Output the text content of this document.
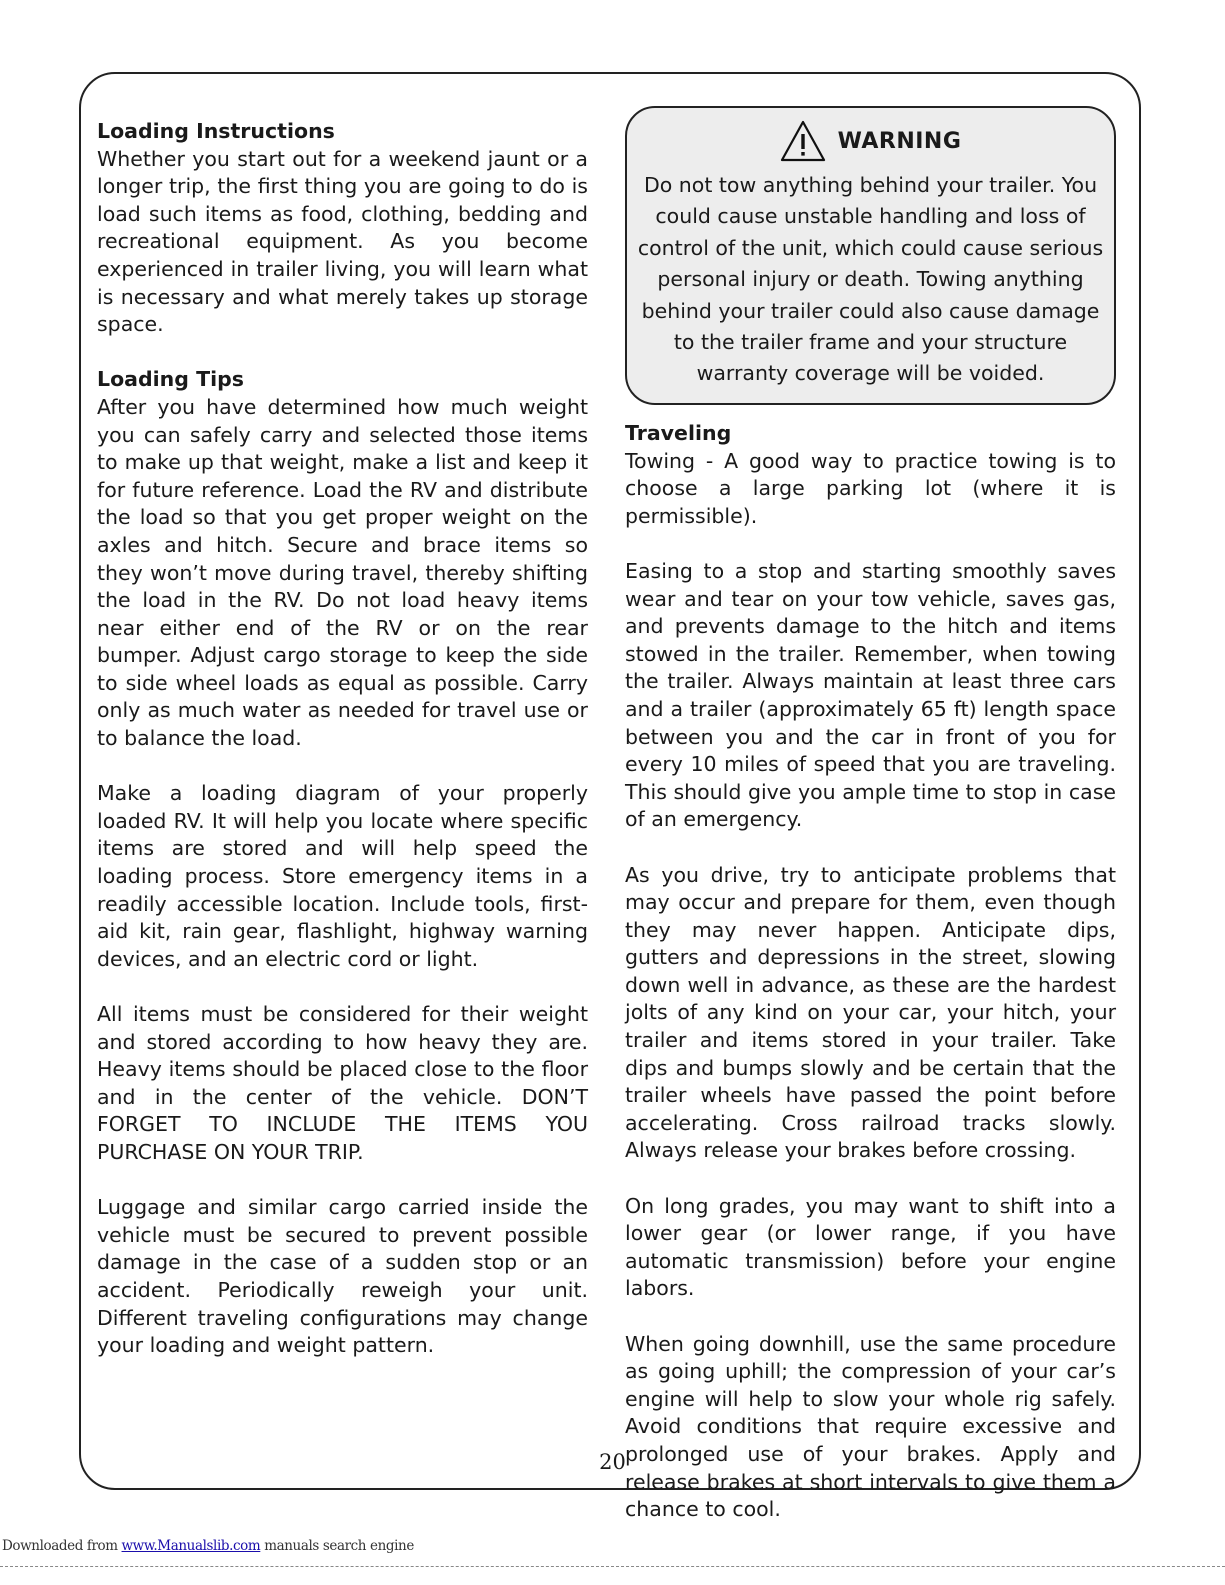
Loading Instructions

Whether you start out for a weekend jaunt or a longer trip, the first thing you are going to do is load such items as food, clothing, bedding and recreational equipment. As you become experienced in trailer living, you will learn what is necessary and what merely takes up storage space.

Loading Tips

After you have determined how much weight you can safely carry and selected those items to make up that weight, make a list and keep it for future reference. Load the RV and distribute the load so that you get proper weight on the axles and hitch. Secure and brace items so they won’t move during travel, thereby shifting the load in the RV. Do not load heavy items near either end of the RV or on the rear bumper. Adjust cargo storage to keep the side to side wheel loads as equal as possible. Carry only as much water as needed for travel use or to balance the load.

Make a loading diagram of your properly loaded RV. It will help you locate where specific items are stored and will help speed the loading process. Store emergency items in a readily accessible location. Include tools, first-aid kit, rain gear, flashlight, highway warning devices, and an electric cord or light.

All items must be considered for their weight and stored according to how heavy they are. Heavy items should be placed close to the floor and in the center of the vehicle. DON’T FORGET TO INCLUDE THE ITEMS YOU PURCHASE ON YOUR TRIP.

Luggage and similar cargo carried inside the vehicle must be secured to prevent possible damage in the case of a sudden stop or an accident. Periodically reweigh your unit. Different traveling configurations may change your loading and weight pattern.

WARNING
Do not tow anything behind your trailer. You could cause unstable handling and loss of control of the unit, which could cause serious personal injury or death. Towing anything behind your trailer could also cause damage to the trailer frame and your structure warranty coverage will be voided.
Traveling

Towing - A good way to practice towing is to choose a large parking lot (where it is permissible).

Easing to a stop and starting smoothly saves wear and tear on your tow vehicle, saves gas, and prevents damage to the hitch and items stowed in the trailer. Remember, when towing the trailer. Always maintain at least three cars and a trailer (approximately 65 ft) length space between you and the car in front of you for every 10 miles of speed that you are traveling. This should give you ample time to stop in case of an emergency.

As you drive, try to anticipate problems that may occur and prepare for them, even though they may never happen. Anticipate dips, gutters and depressions in the street, slowing down well in advance, as these are the hardest jolts of any kind on your car, your hitch, your trailer and items stored in your trailer. Take dips and bumps slowly and be certain that the trailer wheels have passed the point before accelerating. Cross railroad tracks slowly. Always release your brakes before crossing.

On long grades, you may want to shift into a lower gear (or lower range, if you have automatic transmission) before your engine labors.

When going downhill, use the same procedure as going uphill; the compression of your car’s engine will help to slow your whole rig safely. Avoid conditions that require excessive and prolonged use of your brakes. Apply and release brakes at short intervals to give them a chance to cool.

20
Downloaded from www.Manualslib.com manuals search engine
